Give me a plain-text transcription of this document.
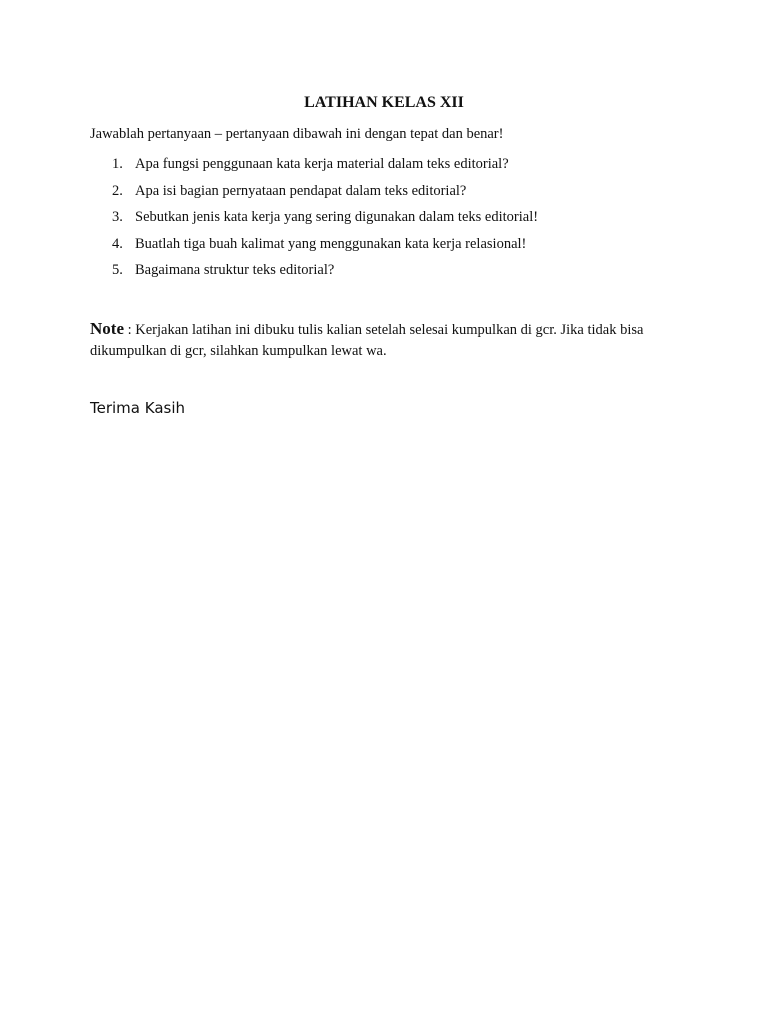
LATIHAN KELAS XII
Jawablah pertanyaan – pertanyaan dibawah ini dengan tepat dan benar!
1. Apa fungsi penggunaan kata kerja material dalam teks editorial?
2. Apa isi bagian pernyataan pendapat dalam teks editorial?
3. Sebutkan jenis kata kerja yang sering digunakan dalam teks editorial!
4. Buatlah tiga buah kalimat yang menggunakan kata kerja relasional!
5. Bagaimana struktur teks editorial?
Note : Kerjakan latihan ini dibuku tulis kalian setelah selesai kumpulkan di gcr. Jika tidak bisa dikumpulkan di gcr, silahkan kumpulkan lewat wa.
Terima Kasih
